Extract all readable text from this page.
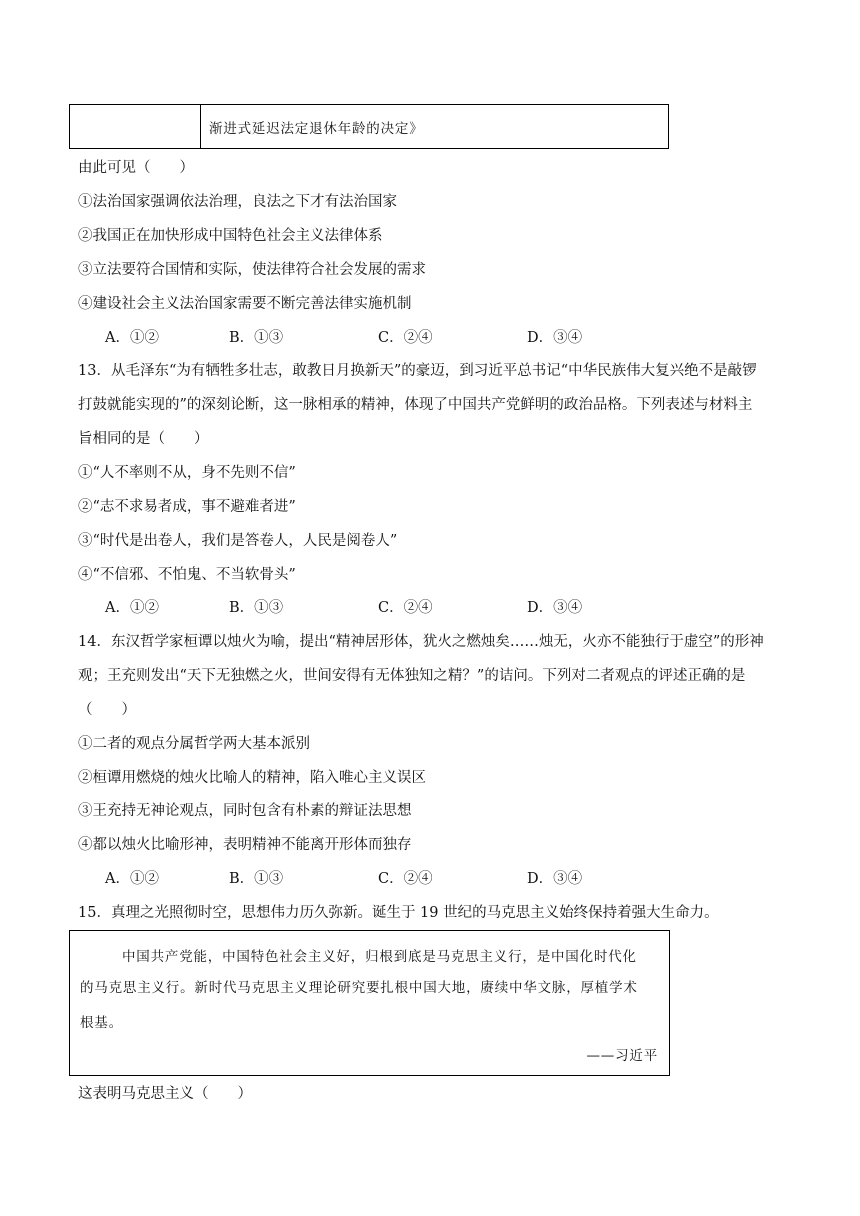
渐进式延迟法定退休年龄的决定》
由此可见（　　）
①法治国家强调依法治理，良法之下才有法治国家
②我国正在加快形成中国特色社会主义法律体系
③立法要符合国情和实际，使法律符合社会发展的需求
④建设社会主义法治国家需要不断完善法律实施机制
A．①②	B．①③	C．②④	D．③④
13．从毛泽东“为有牺牲多壮志，敢教日月换新天”的豪迈，到习近平总书记“中华民族伟大复兴绝不是敲锣
打鼓就能实现的”的深刻论断，这一脉相承的精神，体现了中国共产党鲜明的政治品格。下列表述与材料主
旨相同的是（　　）
①“人不率则不从，身不先则不信”
②“志不求易者成，事不避难者进”
③“时代是出卷人，我们是答卷人，人民是阅卷人”
④“不信邪、不怕鬼、不当软骨头”
A．①②	B．①③	C．②④	D．③④
14．东汉哲学家桓谭以烛火为喻，提出“精神居形体，犹火之燃烛矣……烛无，火亦不能独行于虚空”的形神
观；王充则发出“天下无独燃之火，世间安得有无体独知之精？”的诘问。下列对二者观点的评述正确的是
（　　）
①二者的观点分属哲学两大基本派别
②桓谭用燃烧的烛火比喻人的精神，陷入唯心主义误区
③王充持无神论观点，同时包含有朴素的辩证法思想
④都以烛火比喻形神，表明精神不能离开形体而独存
A．①②	B．①③	C．②④	D．③④
15．真理之光照彻时空，思想伟力历久弥新。诞生于 19 世纪的马克思主义始终保持着强大生命力。
中国共产党能，中国特色社会主义好，归根到底是马克思主义行，是中国化时代化
的马克思主义行。新时代马克思主义理论研究要扎根中国大地，赓续中华文脉，厚植学术
根基。
——习近平
这表明马克思主义（　　）
